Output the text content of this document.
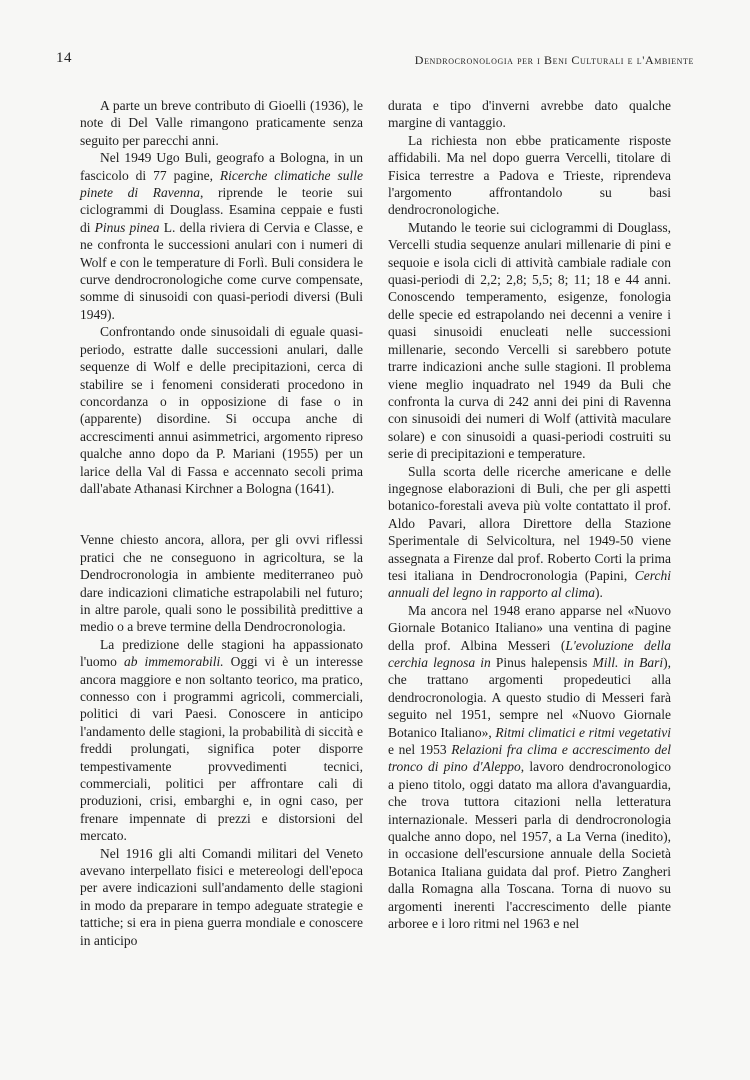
14	Dendrocronologia per i Beni Culturali e l'Ambiente

A parte un breve contributo di Gioelli (1936), le note di Del Valle rimangono praticamente senza seguito per parecchi anni.

Nel 1949 Ugo Buli, geografo a Bologna, in un fascicolo di 77 pagine, Ricerche climatiche sulle pinete di Ravenna, riprende le teorie sui ciclogrammi di Douglass. Esamina ceppaie e fusti di Pinus pinea L. della riviera di Cervia e Classe, e ne confronta le successioni anulari con i numeri di Wolf e con le temperature di Forlì. Buli considera le curve dendrocronologiche come curve compensate, somme di sinusoidi con quasi-periodi diversi (Buli 1949).

Confrontando onde sinusoidali di eguale quasi-periodo, estratte dalle successioni anulari, dalle sequenze di Wolf e delle precipitazioni, cerca di stabilire se i fenomeni considerati procedono in concordanza o in opposizione di fase o in (apparente) disordine. Si occupa anche di accrescimenti annui asimmetrici, argomento ripreso qualche anno dopo da P. Mariani (1955) per un larice della Val di Fassa e accennato secoli prima dall'abate Athanasi Kirchner a Bologna (1641).

Venne chiesto ancora, allora, per gli ovvi riflessi pratici che ne conseguono in agricoltura, se la Dendrocronologia in ambiente mediterraneo può dare indicazioni climatiche estrapolabili nel futuro; in altre parole, quali sono le possibilità predittive a medio o a breve termine della Dendrocronologia.

La predizione delle stagioni ha appassionato l'uomo ab immemorabili. Oggi vi è un interesse ancora maggiore e non soltanto teorico, ma pratico, connesso con i programmi agricoli, commerciali, politici di vari Paesi. Conoscere in anticipo l'andamento delle stagioni, la probabilità di siccità e freddi prolungati, significa poter disporre tempestivamente provvedimenti tecnici, commerciali, politici per affrontare cali di produzioni, crisi, embarghi e, in ogni caso, per frenare impennate di prezzi e distorsioni del mercato.

Nel 1916 gli alti Comandi militari del Veneto avevano interpellato fisici e metereologi dell'epoca per avere indicazioni sull'andamento delle stagioni in modo da preparare in tempo adeguate strategie e tattiche; si era in piena guerra mondiale e conoscere in anticipo

durata e tipo d'inverni avrebbe dato qualche margine di vantaggio.

La richiesta non ebbe praticamente risposte affidabili. Ma nel dopo guerra Vercelli, titolare di Fisica terrestre a Padova e Trieste, riprendeva l'argomento affrontandolo su basi dendrocronologiche.

Mutando le teorie sui ciclogrammi di Douglass, Vercelli studia sequenze anulari millenarie di pini e sequoie e isola cicli di attività cambiale radiale con quasi-periodi di 2,2; 2,8; 5,5; 8; 11; 18 e 44 anni. Conoscendo temperamento, esigenze, fonologia delle specie ed estrapolando nei decenni a venire i quasi sinusoidi enucleati nelle successioni millenarie, secondo Vercelli si sarebbero potute trarre indicazioni anche sulle stagioni. Il problema viene meglio inquadrato nel 1949 da Buli che confronta la curva di 242 anni dei pini di Ravenna con sinusoidi dei numeri di Wolf (attività maculare solare) e con sinusoidi a quasi-periodi costruiti su serie di precipitazioni e temperature.

Sulla scorta delle ricerche americane e delle ingegnose elaborazioni di Buli, che per gli aspetti botanico-forestali aveva più volte contattato il prof. Aldo Pavari, allora Direttore della Stazione Sperimentale di Selvicoltura, nel 1949-50 viene assegnata a Firenze dal prof. Roberto Corti la prima tesi italiana in Dendrocronologia (Papini, Cerchi annuali del legno in rapporto al clima).

Ma ancora nel 1948 erano apparse nel «Nuovo Giornale Botanico Italiano» una ventina di pagine della prof. Albina Messeri (L'evoluzione della cerchia legnosa in Pinus halepensis Mill. in Bari), che trattano argomenti propedeutici alla dendrocronologia. A questo studio di Messeri farà seguito nel 1951, sempre nel «Nuovo Giornale Botanico Italiano», Ritmi climatici e ritmi vegetativi e nel 1953 Relazioni fra clima e accrescimento del tronco di pino d'Aleppo, lavoro dendrocronologico a pieno titolo, oggi datato ma allora d'avanguardia, che trova tuttora citazioni nella letteratura internazionale. Messeri parla di dendrocronologia qualche anno dopo, nel 1957, a La Verna (inedito), in occasione dell'escursione annuale della Società Botanica Italiana guidata dal prof. Pietro Zangheri dalla Romagna alla Toscana. Torna di nuovo su argomenti inerenti l'accrescimento delle piante arboree e i loro ritmi nel 1963 e nel
